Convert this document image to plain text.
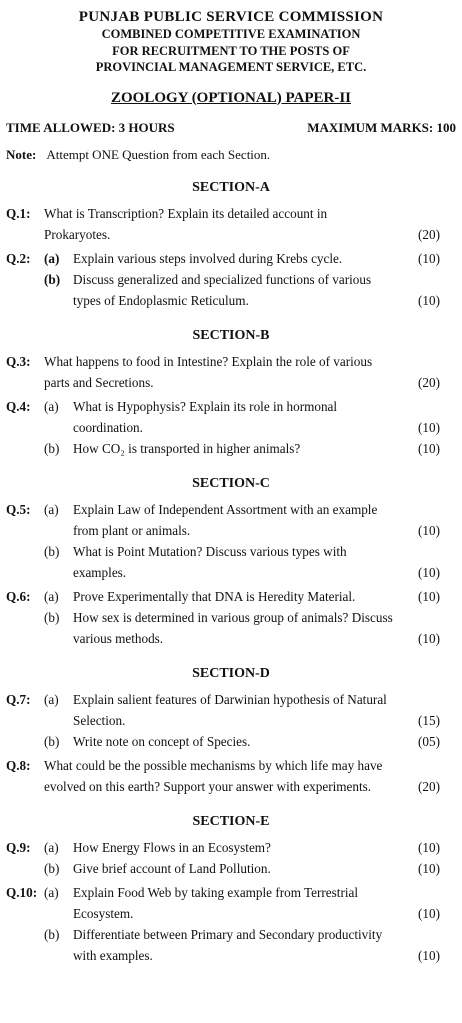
PUNJAB PUBLIC SERVICE COMMISSION
COMBINED COMPETITIVE EXAMINATION
FOR RECRUITMENT TO THE POSTS OF
PROVINCIAL MANAGEMENT SERVICE, ETC.
ZOOLOGY (OPTIONAL) PAPER-II
TIME ALLOWED: 3 HOURS	MAXIMUM MARKS: 100
Note: Attempt ONE Question from each Section.
SECTION-A
Q.1: What is Transcription? Explain its detailed account in
Prokaryotes.	(20)
Q.2: (a) Explain various steps involved during Krebs cycle.	(10)
(b) Discuss generalized and specialized functions of various
types of Endoplasmic Reticulum.	(10)
SECTION-B
Q.3: What happens to food in Intestine? Explain the role of various
parts and Secretions.	(20)
Q.4: (a) What is Hypophysis? Explain its role in hormonal
coordination.	(10)
(b) How CO₂ is transported in higher animals?	(10)
SECTION-C
Q.5: (a) Explain Law of Independent Assortment with an example
from plant or animals.	(10)
(b) What is Point Mutation? Discuss various types with
examples.	(10)
Q.6: (a) Prove Experimentally that DNA is Heredity Material.	(10)
(b) How sex is determined in various group of animals? Discuss
various methods.	(10)
SECTION-D
Q.7: (a) Explain salient features of Darwinian hypothesis of Natural
Selection.	(15)
(b) Write note on concept of Species.	(05)
Q.8: What could be the possible mechanisms by which life may have
evolved on this earth? Support your answer with experiments.	(20)
SECTION-E
Q.9: (a) How Energy Flows in an Ecosystem?	(10)
(b) Give brief account of Land Pollution.	(10)
Q.10: (a) Explain Food Web by taking example from Terrestrial
Ecosystem.	(10)
(b) Differentiate between Primary and Secondary productivity
with examples.	(10)
